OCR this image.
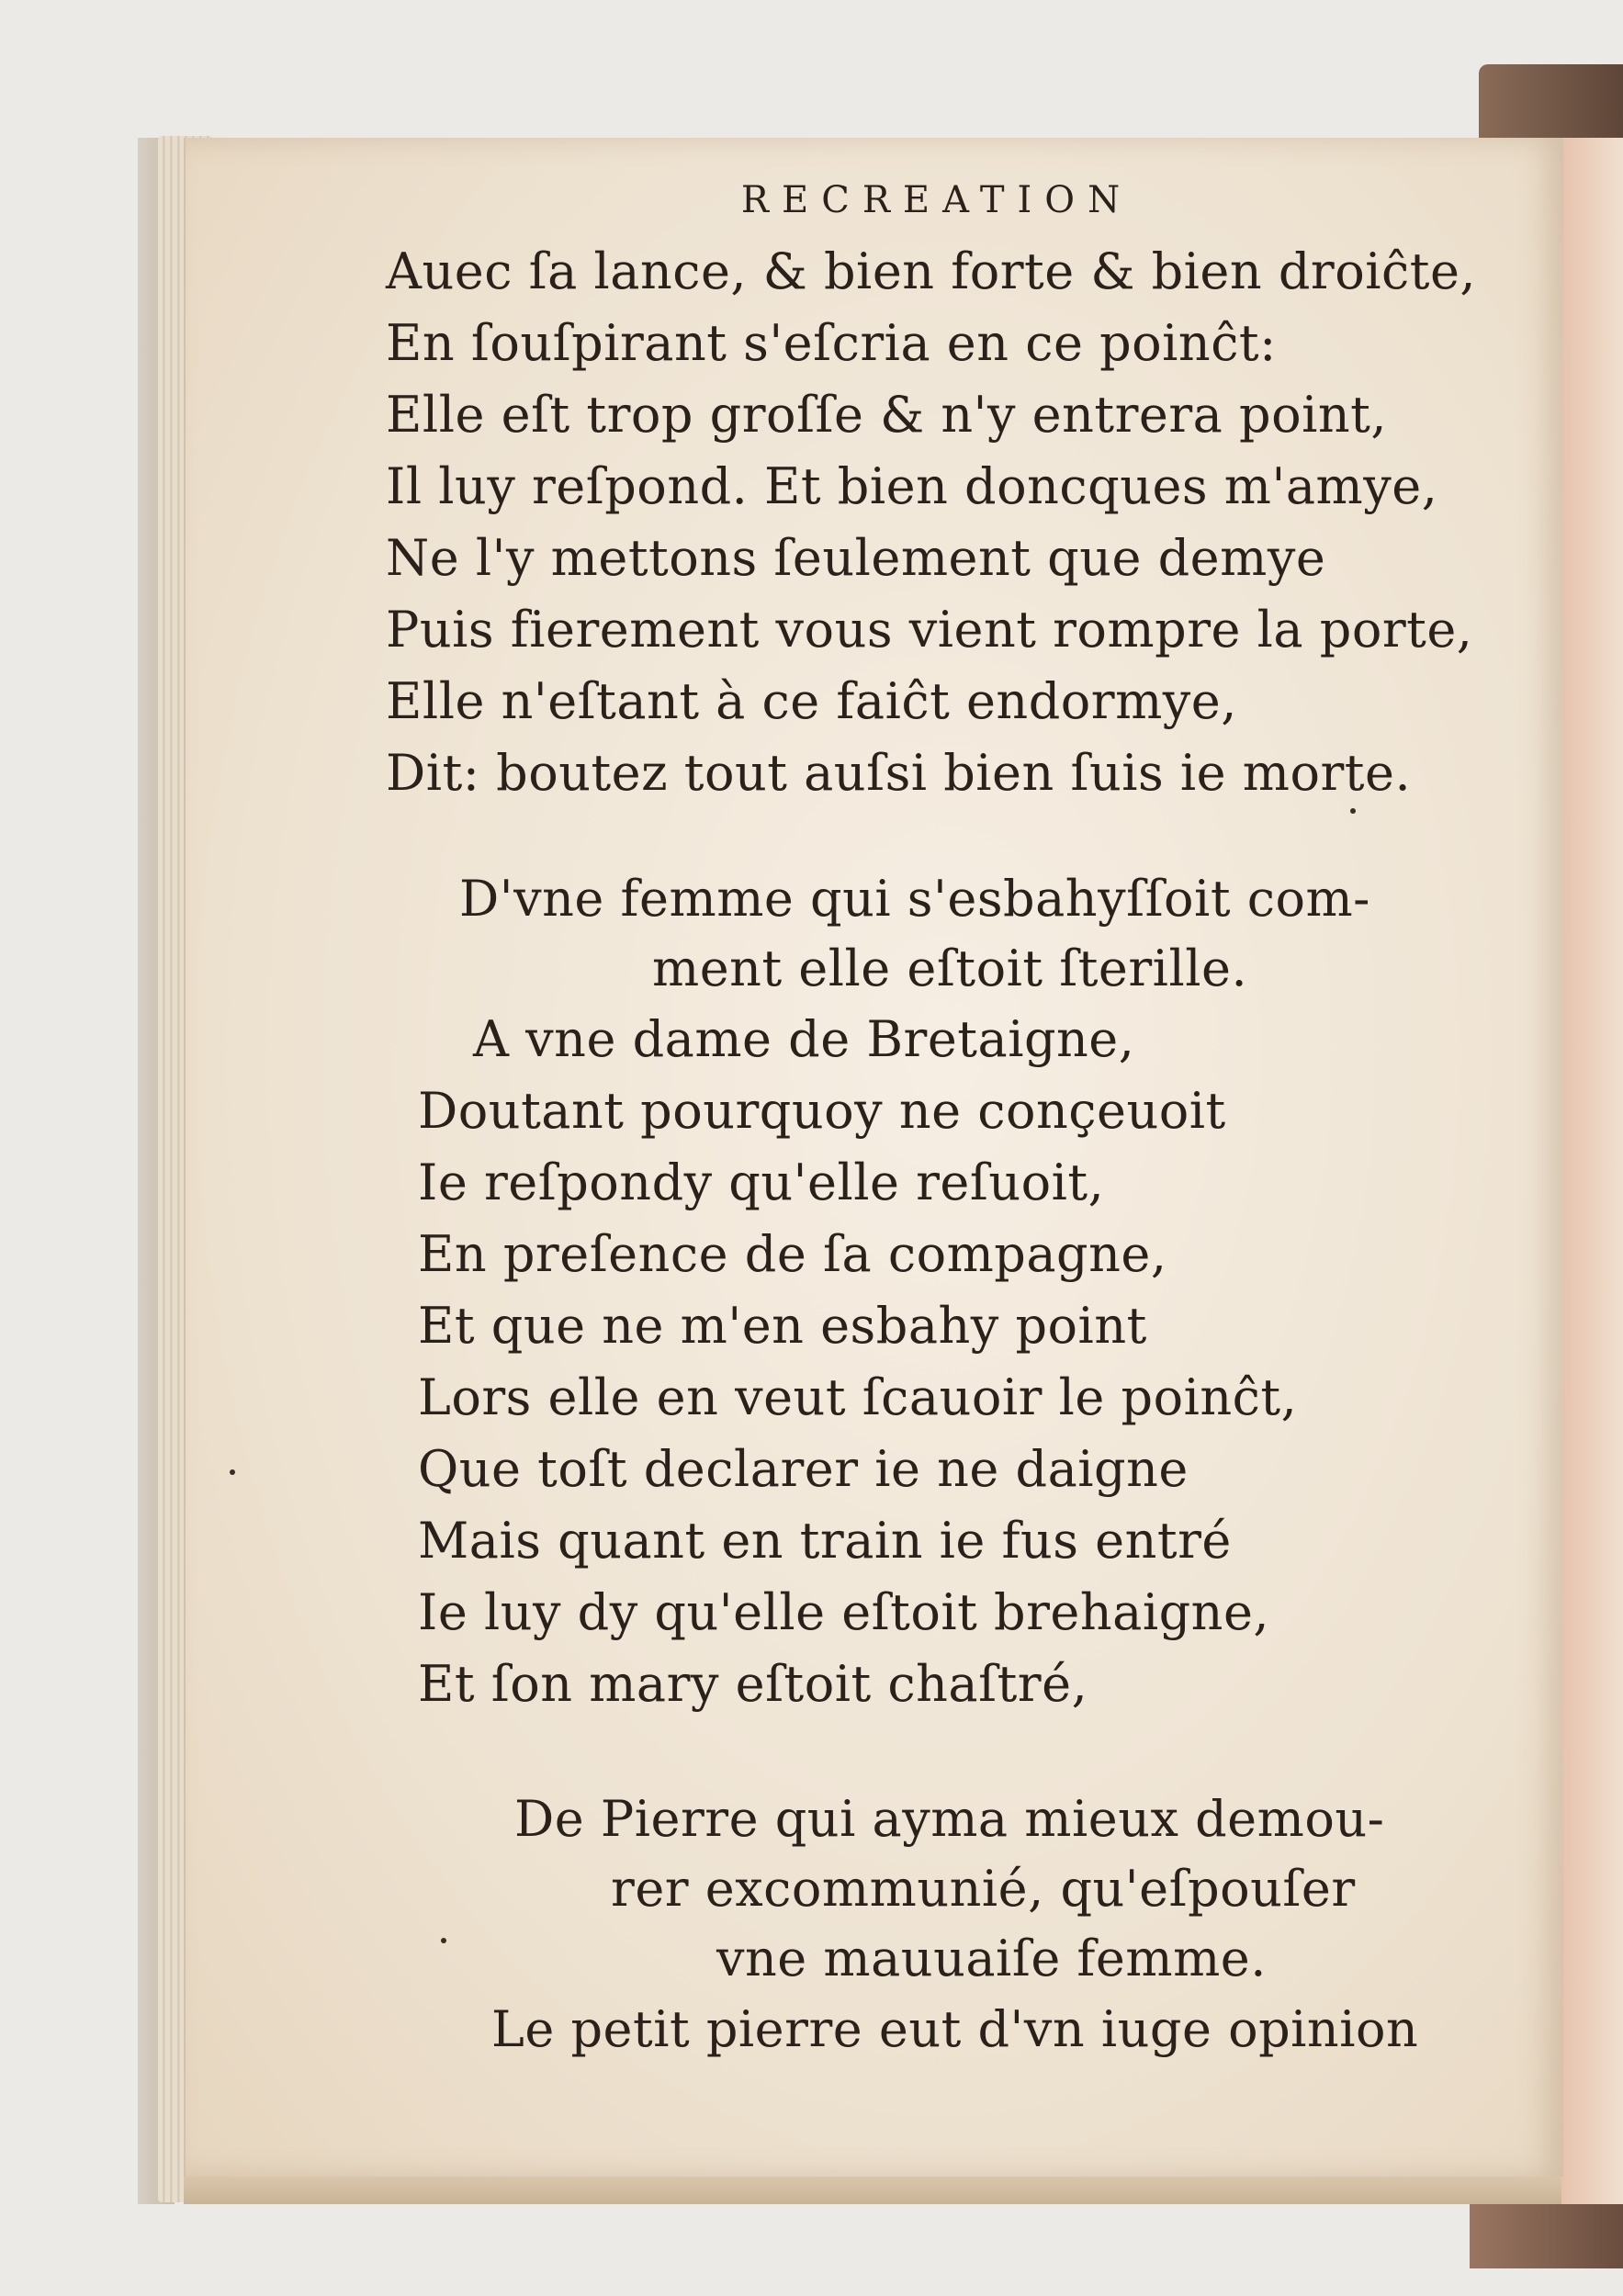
RECREATION
Auec ſa lance, & bien forte & bien droiĉte,
En ſouſpirant s'eſcria en ce poinĉt:
Elle eſt trop groſſe & n'y entrera point,
Il luy reſpond. Et bien doncques m'amye,
Ne l'y mettons ſeulement que demye
Puis fierement vous vient rompre la porte,
Elle n'eſtant à ce faiĉt endormye,
Dit: boutez tout auſsi bien ſuis ie morte.
D'vne femme qui s'esbahyſſoit com-
ment elle eſtoit ſterille.
A vne dame de Bretaigne,
Doutant pourquoy ne conçeuoit
Ie reſpondy qu'elle reſuoit,
En preſence de ſa compagne,
Et que ne m'en esbahy point
Lors elle en veut ſcauoir le poinĉt,
Que toſt declarer ie ne daigne
Mais quant en train ie fus entré
Ie luy dy qu'elle eſtoit brehaigne,
Et ſon mary eſtoit chaſtré,
De Pierre qui ayma mieux demou-
rer excommunié, qu'eſpouſer
vne mauuaiſe femme.
Le petit pierre eut d'vn iuge opinion
